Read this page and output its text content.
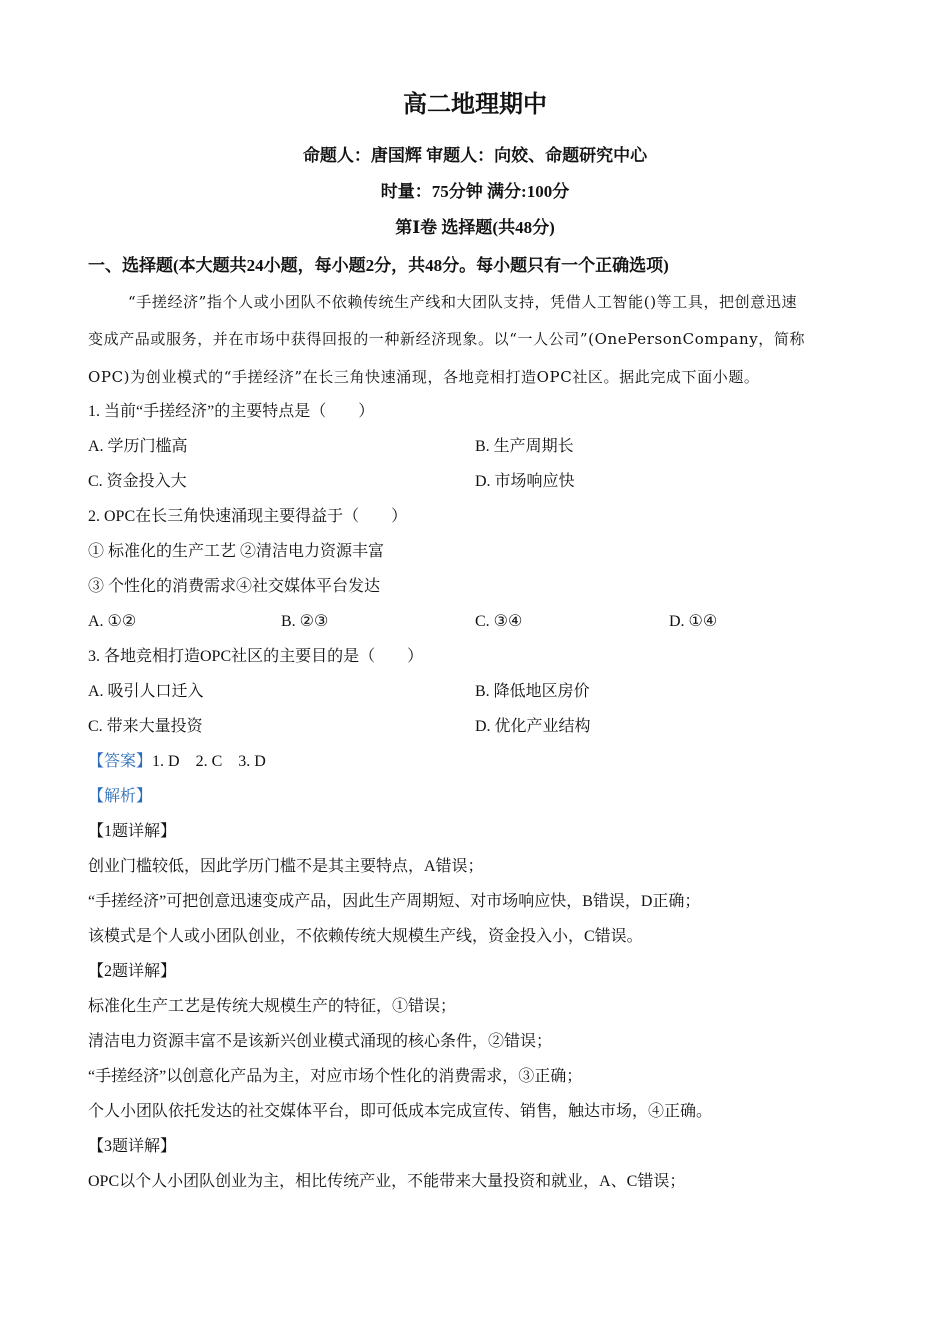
高二地理期中
命题人：唐国辉 审题人：向姣、命题研究中心
时量：75分钟 满分:100分
第Ⅰ卷 选择题(共48分)
一、选择题(本大题共24小题，每小题2分，共48分。每小题只有一个正确选项)
“手搓经济”指个人或小团队不依赖传统生产线和大团队支持，凭借人工智能()等工具，把创意迅速
变成产品或服务，并在市场中获得回报的一种新经济现象。以“一人公司”(OnePersonCompany，简称
OPC)为创业模式的“手搓经济”在长三角快速涌现，各地竞相打造OPC社区。据此完成下面小题。
1. 当前“手搓经济”的主要特点是（　　）
A. 学历门槛高	B. 生产周期长
C. 资金投入大	D. 市场响应快
2. OPC在长三角快速涌现主要得益于（　　）
① 标准化的生产工艺 ②清洁电力资源丰富
③ 个性化的消费需求④社交媒体平台发达
A. ①②	B. ②③	C. ③④	D. ①④
3. 各地竞相打造OPC社区的主要目的是（　　）
A. 吸引人口迁入	B. 降低地区房价
C. 带来大量投资	D. 优化产业结构
【答案】1. D　2. C　3. D
【解析】
【1题详解】
创业门槛较低，因此学历门槛不是其主要特点，A错误；
“手搓经济”可把创意迅速变成产品，因此生产周期短、对市场响应快，B错误，D正确；
该模式是个人或小团队创业，不依赖传统大规模生产线，资金投入小，C错误。
【2题详解】
标准化生产工艺是传统大规模生产的特征，①错误；
清洁电力资源丰富不是该新兴创业模式涌现的核心条件，②错误；
“手搓经济”以创意化产品为主，对应市场个性化的消费需求，③正确；
个人小团队依托发达的社交媒体平台，即可低成本完成宣传、销售，触达市场，④正确。
【3题详解】
OPC以个人小团队创业为主，相比传统产业，不能带来大量投资和就业，A、C错误；
